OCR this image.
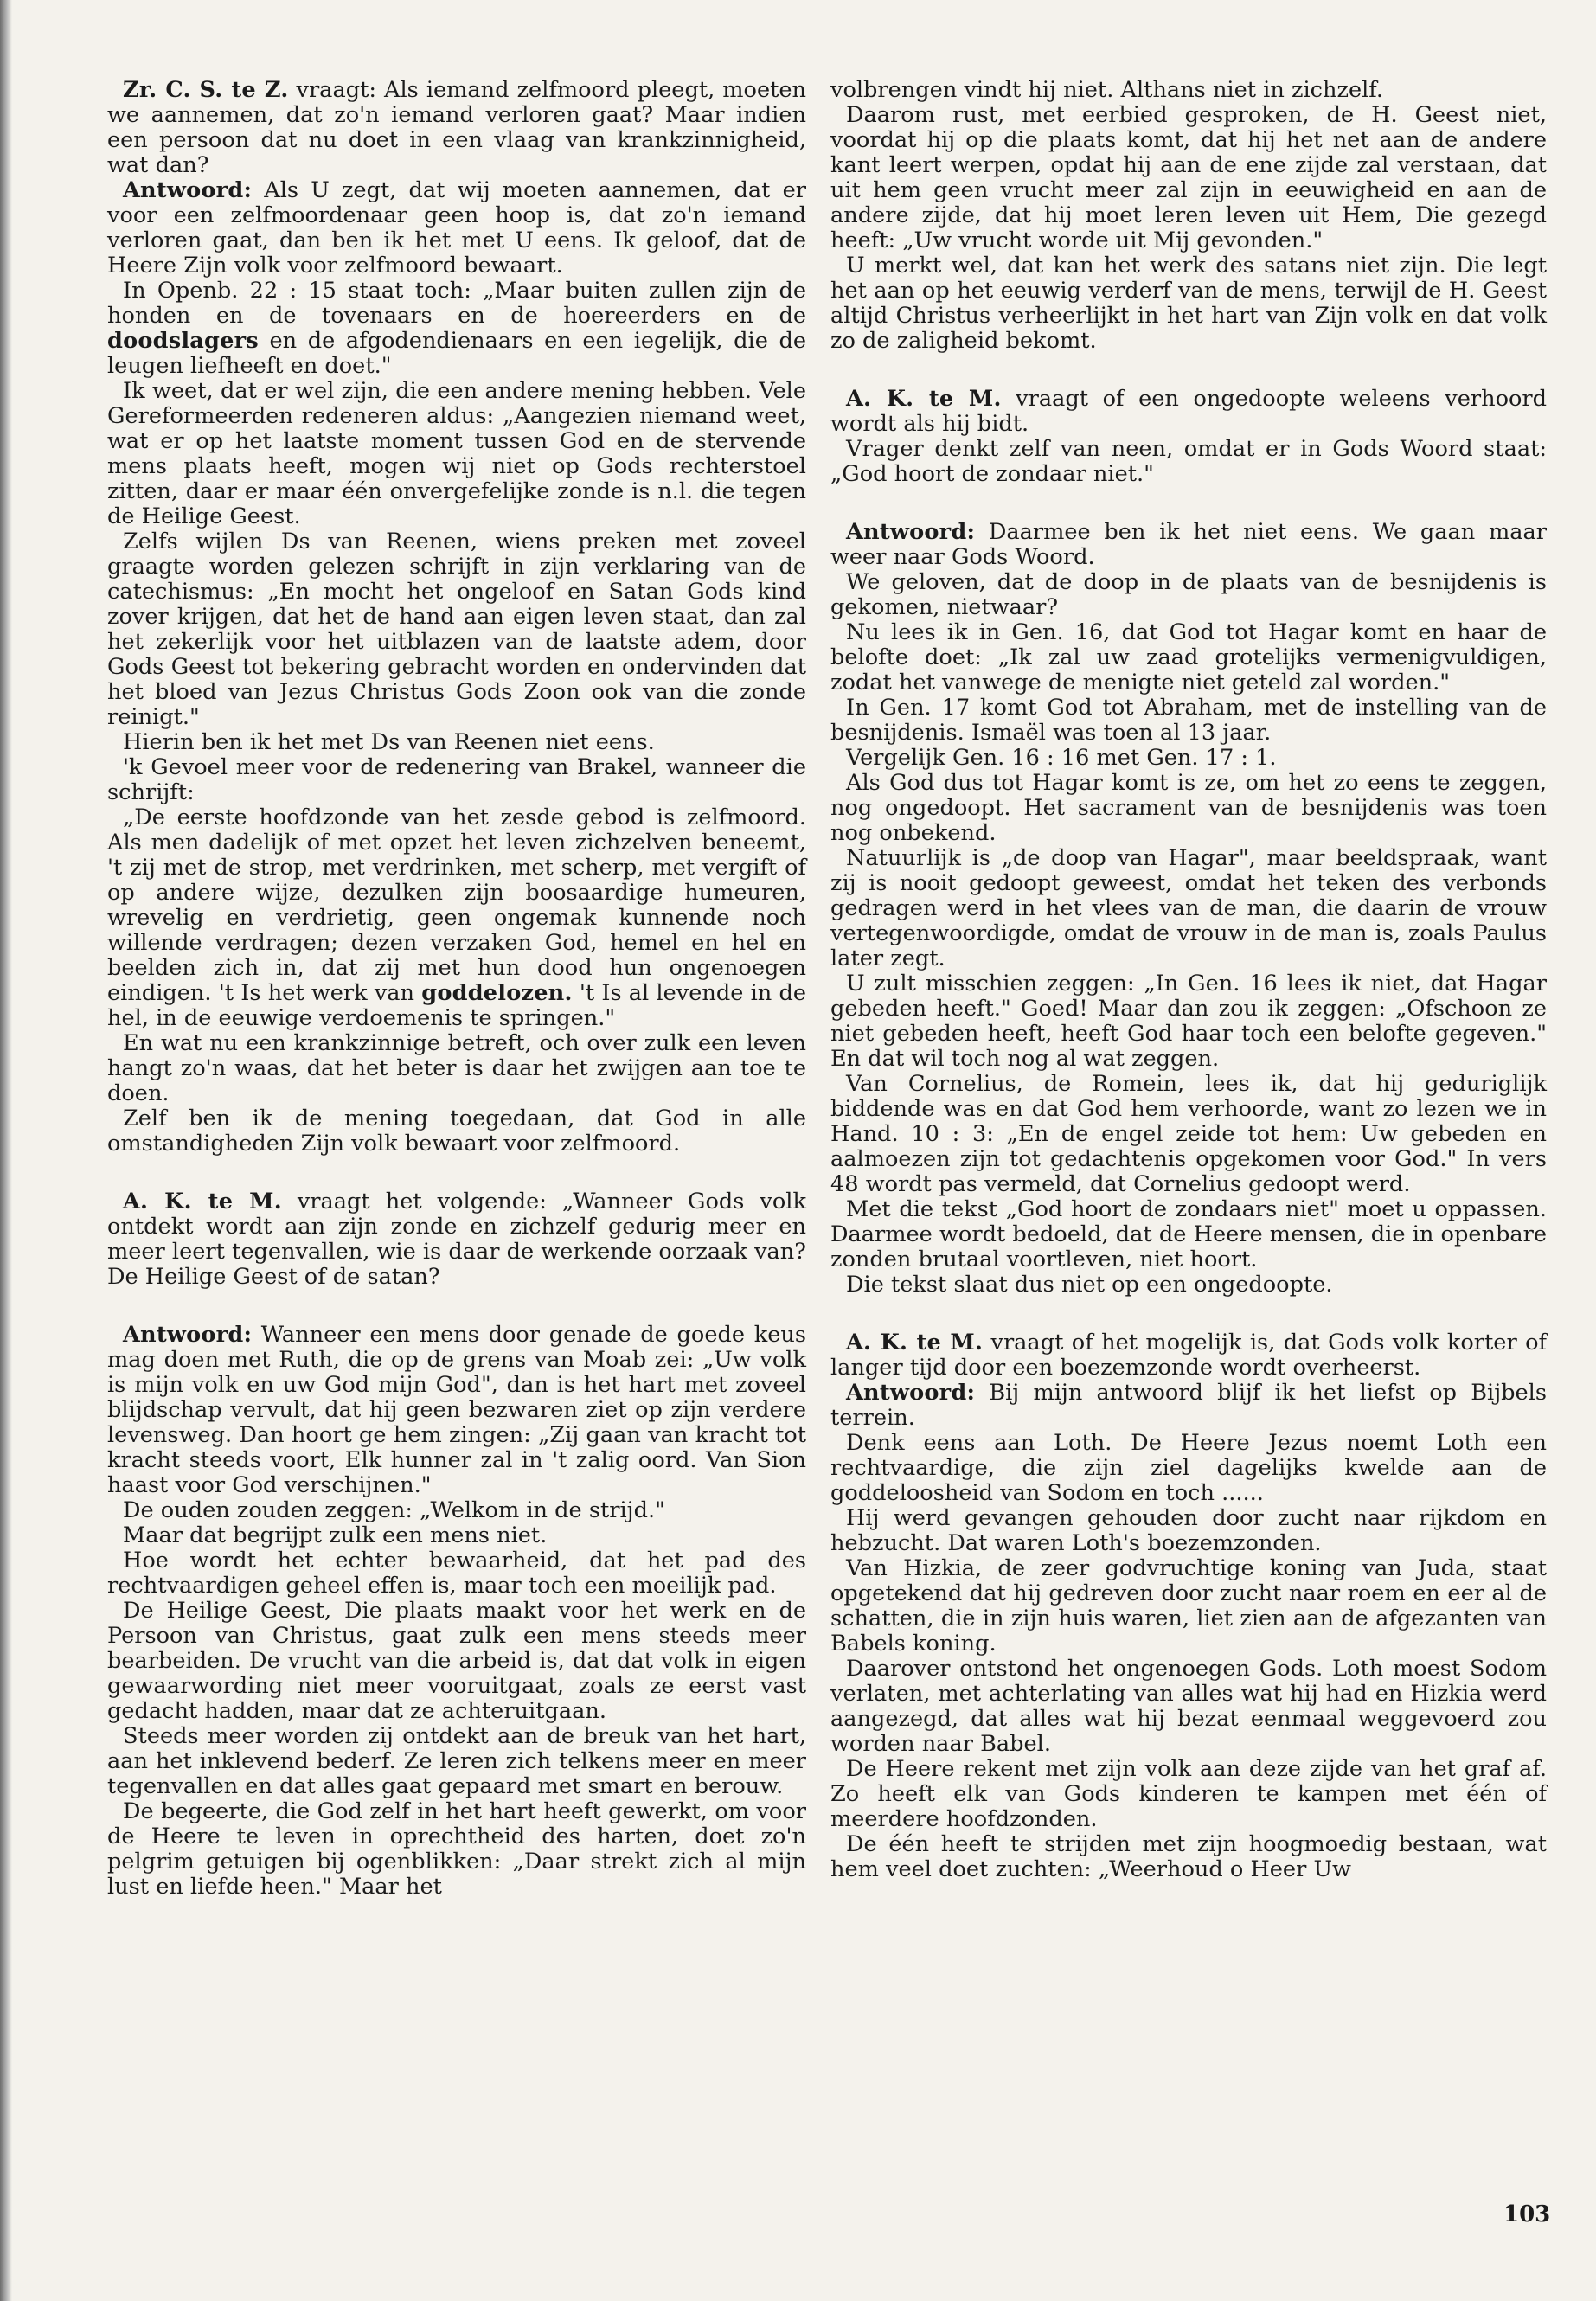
Zr. C. S. te Z. vraagt: Als iemand zelfmoord pleegt, moeten we aannemen, dat zo'n iemand verloren gaat? Maar indien een persoon dat nu doet in een vlaag van krankzinnigheid, wat dan?

Antwoord: Als U zegt, dat wij moeten aannemen, dat er voor een zelfmoordenaar geen hoop is, dat zo'n iemand verloren gaat, dan ben ik het met U eens. Ik geloof, dat de Heere Zijn volk voor zelfmoord bewaart.

In Openb. 22 : 15 staat toch: „Maar buiten zullen zijn de honden en de tovenaars en de hoereerders en de doodslagers en de afgodendienaars en een iegelijk, die de leugen liefheeft en doet."

Ik weet, dat er wel zijn, die een andere mening hebben. Vele Gereformeerden redeneren aldus: „Aangezien niemand weet, wat er op het laatste moment tussen God en de stervende mens plaats heeft, mogen wij niet op Gods rechterstoel zitten, daar er maar één onvergefelijke zonde is n.l. die tegen de Heilige Geest.

Zelfs wijlen Ds van Reenen, wiens preken met zoveel graagte worden gelezen schrijft in zijn verklaring van de catechismus: „En mocht het ongeloof en Satan Gods kind zover krijgen, dat het de hand aan eigen leven staat, dan zal het zekerlijk voor het uitblazen van de laatste adem, door Gods Geest tot bekering gebracht worden en ondervinden dat het bloed van Jezus Christus Gods Zoon ook van die zonde reinigt."

Hierin ben ik het met Ds van Reenen niet eens.

'k Gevoel meer voor de redenering van Brakel, wanneer die schrijft:

„De eerste hoofdzonde van het zesde gebod is zelfmoord. Als men dadelijk of met opzet het leven zichzelven beneemt, 't zij met de strop, met verdrinken, met scherp, met vergift of op andere wijze, dezulken zijn boosaardige humeuren, wrevelig en verdrietig, geen ongemak kunnende noch willende verdragen; dezen verzaken God, hemel en hel en beelden zich in, dat zij met hun dood hun ongenoegen eindigen. 't Is het werk van goddelozen. 't Is al levende in de hel, in de eeuwige verdoemenis te springen."

En wat nu een krankzinnige betreft, och over zulk een leven hangt zo'n waas, dat het beter is daar het zwijgen aan toe te doen.

Zelf ben ik de mening toegedaan, dat God in alle omstandigheden Zijn volk bewaart voor zelfmoord.

A. K. te M. vraagt het volgende: „Wanneer Gods volk ontdekt wordt aan zijn zonde en zichzelf gedurig meer en meer leert tegenvallen, wie is daar de werkende oorzaak van? De Heilige Geest of de satan?

Antwoord: Wanneer een mens door genade de goede keus mag doen met Ruth, die op de grens van Moab zei: „Uw volk is mijn volk en uw God mijn God", dan is het hart met zoveel blijdschap vervult, dat hij geen bezwaren ziet op zijn verdere levensweg. Dan hoort ge hem zingen: „Zij gaan van kracht tot kracht steeds voort, Elk hunner zal in 't zalig oord. Van Sion haast voor God verschijnen."

De ouden zouden zeggen: „Welkom in de strijd."

Maar dat begrijpt zulk een mens niet.

Hoe wordt het echter bewaarheid, dat het pad des rechtvaardigen geheel effen is, maar toch een moeilijk pad.

De Heilige Geest, Die plaats maakt voor het werk en de Persoon van Christus, gaat zulk een mens steeds meer bearbeiden. De vrucht van die arbeid is, dat dat volk in eigen gewaarwording niet meer vooruitgaat, zoals ze eerst vast gedacht hadden, maar dat ze achteruitgaan.

Steeds meer worden zij ontdekt aan de breuk van het hart, aan het inklevend bederf. Ze leren zich telkens meer en meer tegenvallen en dat alles gaat gepaard met smart en berouw.

De begeerte, die God zelf in het hart heeft gewerkt, om voor de Heere te leven in oprechtheid des harten, doet zo'n pelgrim getuigen bij ogenblikken: „Daar strekt zich al mijn lust en liefde heen." Maar het

volbrengen vindt hij niet. Althans niet in zichzelf.

Daarom rust, met eerbied gesproken, de H. Geest niet, voordat hij op die plaats komt, dat hij het net aan de andere kant leert werpen, opdat hij aan de ene zijde zal verstaan, dat uit hem geen vrucht meer zal zijn in eeuwigheid en aan de andere zijde, dat hij moet leren leven uit Hem, Die gezegd heeft: „Uw vrucht worde uit Mij gevonden."

U merkt wel, dat kan het werk des satans niet zijn. Die legt het aan op het eeuwig verderf van de mens, terwijl de H. Geest altijd Christus verheerlijkt in het hart van Zijn volk en dat volk zo de zaligheid bekomt.

A. K. te M. vraagt of een ongedoopte weleens verhoord wordt als hij bidt.

Vrager denkt zelf van neen, omdat er in Gods Woord staat: „God hoort de zondaar niet."

Antwoord: Daarmee ben ik het niet eens. We gaan maar weer naar Gods Woord.

We geloven, dat de doop in de plaats van de besnijdenis is gekomen, nietwaar?

Nu lees ik in Gen. 16, dat God tot Hagar komt en haar de belofte doet: „Ik zal uw zaad grotelijks vermenigvuldigen, zodat het vanwege de menigte niet geteld zal worden."

In Gen. 17 komt God tot Abraham, met de instelling van de besnijdenis. Ismaël was toen al 13 jaar.

Vergelijk Gen. 16 : 16 met Gen. 17 : 1.

Als God dus tot Hagar komt is ze, om het zo eens te zeggen, nog ongedoopt. Het sacrament van de besnijdenis was toen nog onbekend.

Natuurlijk is „de doop van Hagar", maar beeldspraak, want zij is nooit gedoopt geweest, omdat het teken des verbonds gedragen werd in het vlees van de man, die daarin de vrouw vertegenwoordigde, omdat de vrouw in de man is, zoals Paulus later zegt.

U zult misschien zeggen: „In Gen. 16 lees ik niet, dat Hagar gebeden heeft." Goed! Maar dan zou ik zeggen: „Ofschoon ze niet gebeden heeft, heeft God haar toch een belofte gegeven." En dat wil toch nog al wat zeggen.

Van Cornelius, de Romein, lees ik, dat hij geduriglijk biddende was en dat God hem verhoorde, want zo lezen we in Hand. 10 : 3: „En de engel zeide tot hem: Uw gebeden en aalmoezen zijn tot gedachtenis opgekomen voor God." In vers 48 wordt pas vermeld, dat Cornelius gedoopt werd.

Met die tekst „God hoort de zondaars niet" moet u oppassen. Daarmee wordt bedoeld, dat de Heere mensen, die in openbare zonden brutaal voortleven, niet hoort.

Die tekst slaat dus niet op een ongedoopte.

A. K. te M. vraagt of het mogelijk is, dat Gods volk korter of langer tijd door een boezemzonde wordt overheerst.

Antwoord: Bij mijn antwoord blijf ik het liefst op Bijbels terrein.

Denk eens aan Loth. De Heere Jezus noemt Loth een rechtvaardige, die zijn ziel dagelijks kwelde aan de goddeloosheid van Sodom en toch ......

Hij werd gevangen gehouden door zucht naar rijkdom en hebzucht. Dat waren Loth's boezemzonden.

Van Hizkia, de zeer godvruchtige koning van Juda, staat opgetekend dat hij gedreven door zucht naar roem en eer al de schatten, die in zijn huis waren, liet zien aan de afgezanten van Babels koning.

Daarover ontstond het ongenoegen Gods. Loth moest Sodom verlaten, met achterlating van alles wat hij had en Hizkia werd aangezegd, dat alles wat hij bezat eenmaal weggevoerd zou worden naar Babel.

De Heere rekent met zijn volk aan deze zijde van het graf af. Zo heeft elk van Gods kinderen te kampen met één of meerdere hoofdzonden.

De één heeft te strijden met zijn hoogmoedig bestaan, wat hem veel doet zuchten: „Weerhoud o Heer Uw

103
